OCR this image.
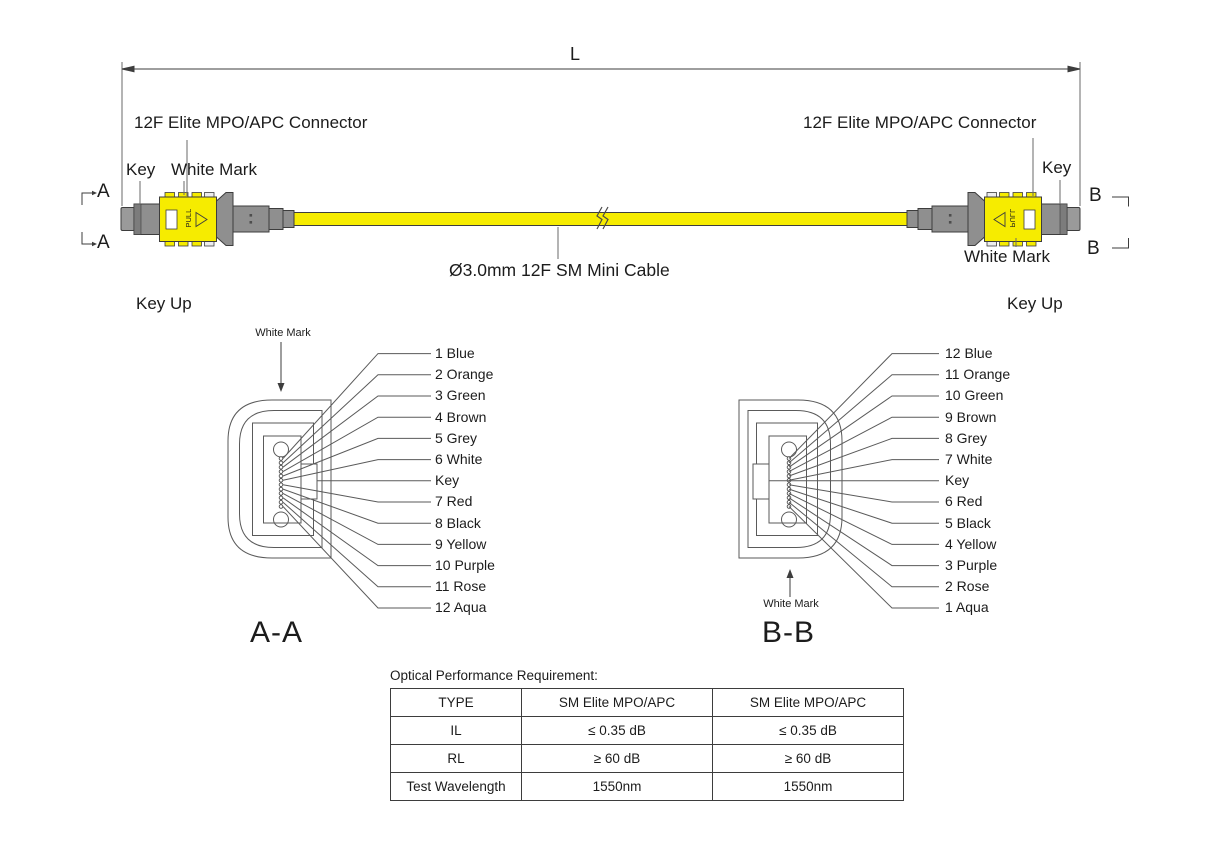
L
12F Elite MPO/APC Connector	12F Elite MPO/APC Connector
Key White Mark	Key
White Mark
A
A
B
B
Ø3.0mm 12F SM Mini Cable
Key Up	Key Up
White Mark
White Mark
1 Blue
2 Orange
3 Green
4 Brown
5 Grey
6 White
Key
7 Red
8 Black
9 Yellow
10 Purple
11 Rose
12 Aqua
12 Blue
11 Orange
10 Green
9 Brown
8 Grey
7 White
Key
6 Red
5 Black
4 Yellow
3 Purple
2 Rose
1 Aqua
A-A	B-B
Optical Performance Requirement:
TYPE	SM Elite MPO/APC	SM Elite MPO/APC
IL	≤ 0.35 dB	≤ 0.35 dB
RL	≥ 60 dB	≥ 60 dB
Test Wavelength	1550nm	1550nm
